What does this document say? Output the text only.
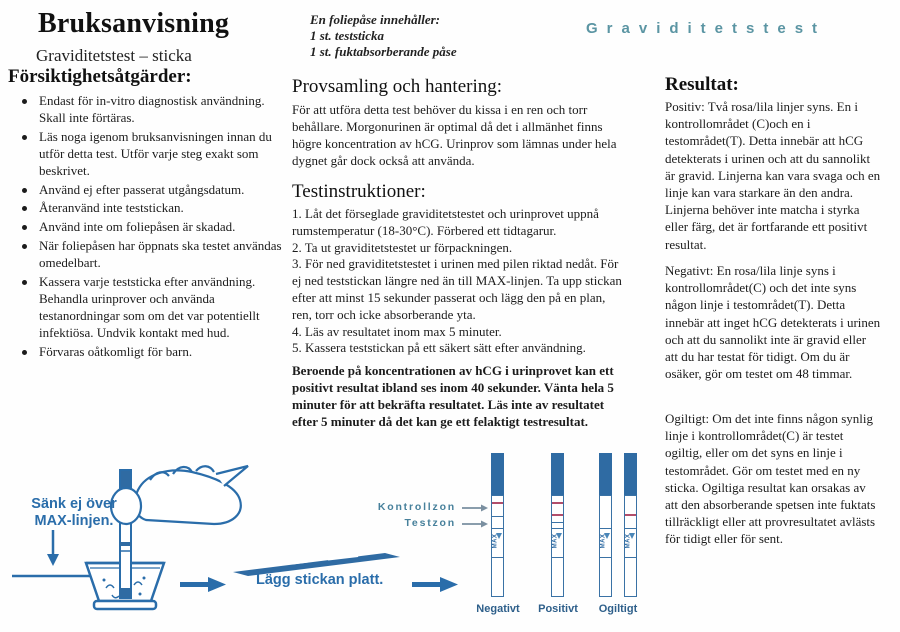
Bruksanvisning
Graviditetstest – sticka
En foliepåse innehåller:
1 st. teststicka
1 st. fuktabsorberande påse
Graviditetstest
Försiktighetsåtgärder:
Endast för in-vitro diagnostisk användning. Skall inte förtäras.
Läs noga igenom bruksanvisningen innan du utför detta test. Utför varje steg exakt som beskrivet.
Använd ej efter passerat utgångsdatum.
Återanvänd inte teststickan.
Använd inte om foliepåsen är skadad.
När foliepåsen har öppnats ska testet användas omedelbart.
Kassera varje teststicka efter användning. Behandla urinprover och använda testanordningar som om det var potentiellt infektiösa. Undvik kontakt med hud.
Förvaras oåtkomligt för barn.
Provsamling och hantering:
För att utföra detta test behöver du kissa i en ren och torr behållare. Morgonurinen är optimal då det i allmänhet finns högre koncentration av hCG. Urinprov som lämnas under hela dygnet går dock också att använda.
Testinstruktioner:
1. Låt det förseglade graviditetstestet och urinprovet uppnå rumstemperatur (18-30°C). Förbered ett tidtagarur.
2. Ta ut graviditetstestet ur förpackningen.
3. För ned graviditetstestet i urinen med pilen riktad nedåt. För ej ned teststickan längre ned än till MAX-linjen. Ta upp stickan efter att minst 15 sekunder passerat och lägg den på en plan, ren, torr och icke absorberande yta.
4. Läs av resultatet inom max 5 minuter.
5. Kassera teststickan på ett säkert sätt efter användning.
Beroende på koncentrationen av hCG i urinprovet kan ett positivt resultat ibland ses inom 40 sekunder. Vänta hela 5 minuter för att bekräfta resultatet. Läs inte av resultatet efter 5 minuter då det kan ge ett felaktigt testresultat.
Resultat:
Positiv: Två rosa/lila linjer syns. En i kontrollområdet (C)och en i testområdet(T). Detta innebär att hCG detekterats i urinen och att du sannolikt är gravid. Linjerna kan vara svaga och en linje kan vara starkare än den andra. Linjerna behöver inte matcha i styrka eller färg, det är fortfarande ett positivt resultat.
Negativt: En rosa/lila linje syns i kontrollområdet(C) och det inte syns någon linje i testområdet(T). Detta innebär att inget hCG detekterats i urinen och att du sannolikt inte är gravid eller att du har testat för tidigt. Om du är osäker, gör om testet om 48 timmar.
Ogiltigt: Om det inte finns någon synlig linje i kontrollområdet(C) är testet ogiltig, eller om det syns en linje i testområdet. Gör om testet med en ny sticka. Ogiltiga resultat kan orsakas av att den absorberande spetsen inte fuktats tillräckligt eller att provresultatet avlästs för tidigt eller för sent.
Sänk ej över MAX-linjen.
Lägg stickan platt.
Kontrollzon
Testzon
MAX	MAX	MAX	MAX
Negativt	Positivt	Ogiltigt
